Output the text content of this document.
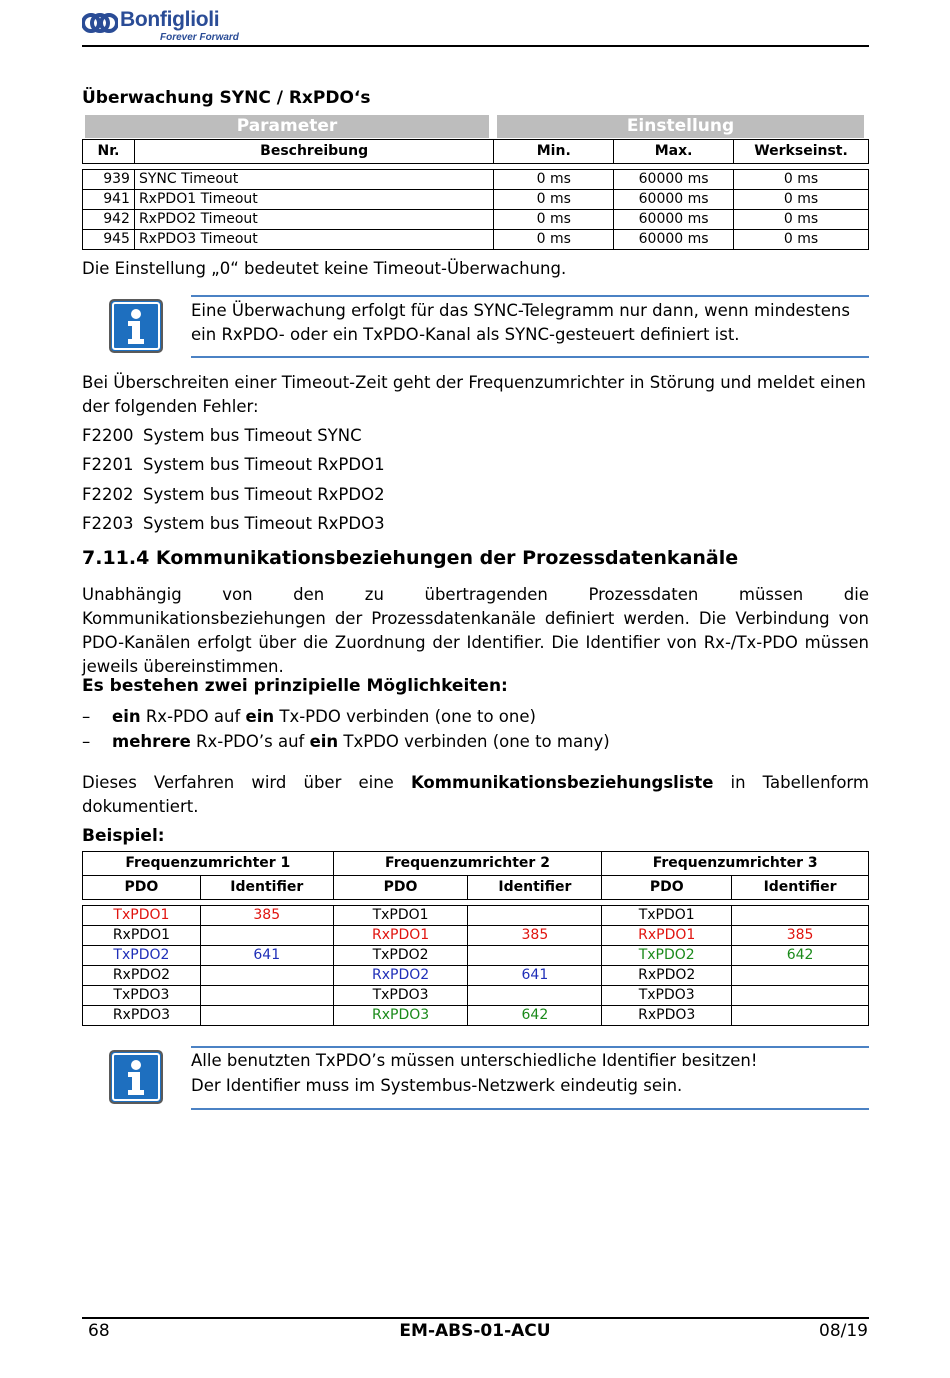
Bonfiglioli
Forever Forward
Überwachung SYNC / RxPDO‘s
Parameter	Einstellung
Nr.	Beschreibung	Min.	Max.	Werkseinst.

939	SYNC Timeout	0 ms	60000 ms	0 ms
941	RxPDO1 Timeout	0 ms	60000 ms	0 ms
942	RxPDO2 Timeout	0 ms	60000 ms	0 ms
945	RxPDO3 Timeout	0 ms	60000 ms	0 ms
Die Einstellung „0“ bedeutet keine Timeout-Überwachung.
Eine Überwachung erfolgt für das SYNC-Telegramm nur dann, wenn mindestens
ein RxPDO- oder ein TxPDO-Kanal als SYNC-gesteuert definiert ist.

Bei Überschreiten einer Timeout-Zeit geht der Frequenzumrichter in Störung und meldet einen der folgenden Fehler:

F2200 System bus Timeout SYNC
F2201 System bus Timeout RxPDO1
F2202 System bus Timeout RxPDO2
F2203 System bus Timeout RxPDO3
7.11.4 Kommunikationsbeziehungen der Prozessdatenkanäle

Unabhängig von den zu übertragenden Prozessdaten müssen die Kommunikationsbeziehungen der Prozessdatenkanäle definiert werden. Die Verbindung von PDO-Kanälen erfolgt über die Zuordnung der Identifier. Die Identifier von Rx-/Tx-PDO müssen jeweils übereinstimmen.

Es bestehen zwei prinzipielle Möglichkeiten:
– ein Rx-PDO auf ein Tx-PDO verbinden (one to one)
– mehrere Rx-PDO’s auf ein TxPDO verbinden (one to many)

Dieses Verfahren wird über eine Kommunikationsbeziehungsliste in Tabellenform dokumentiert.

Beispiel:
Frequenzumrichter 1		Frequenzumrichter 2		Frequenzumrichter 3	
PDO	Identifier	PDO	Identifier	PDO	Identifier

TxPDO1	385	TxPDO1		TxPDO1	
RxPDO1		RxPDO1	385	RxPDO1	385
TxPDO2	641	TxPDO2		TxPDO2	642
RxPDO2		RxPDO2	641	RxPDO2	
TxPDO3		TxPDO3		TxPDO3	
RxPDO3		RxPDO3	642	RxPDO3	
Alle benutzten TxPDO’s müssen unterschiedliche Identifier besitzen!
Der Identifier muss im Systembus-Netzwerk eindeutig sein.
68	EM-ABS-01-ACU	08/19
